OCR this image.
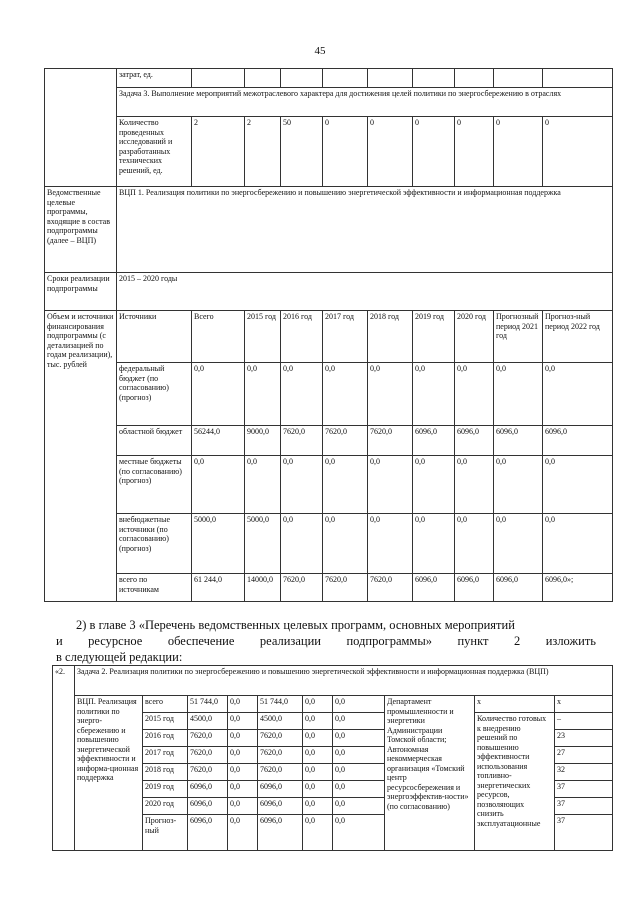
45
	затрат, ед.										
	Задача 3. Выполнение мероприятий межотраслевого характера для достижения целей политики по энергосбережению в отраслях										
	Количество проведенных исследований и разработанных технических решений, ед.	2	2	50	0	0	0	0	0	0	
Ведомственные целевые программы, входящие в состав подпрограммы (далее – ВЦП)	ВЦП 1. Реализация политики по энергосбережению и повышению энергетической эффективности и информационная поддержка										
Сроки реализации подпрограммы	2015 – 2020 годы										
Объем и источники финансирования подпрограммы (с детализацией по годам реализации), тыс. рублей	Источники	Всего	2015 год	2016 год	2017 год	2018 год	2019 год	2020 год	Прогнозный период 2021 год	Прогноз-ный период 2022 год	
	федеральный бюджет (по согласованию) (прогноз)	0,0	0,0	0,0	0,0	0,0	0,0	0,0	0,0	0,0	
	областной бюджет	56244,0	9000,0	7620,0	7620,0	7620,0	6096,0	6096,0	6096,0	6096,0	
	местные бюджеты (по согласованию) (прогноз)	0,0	0,0	0,0	0,0	0,0	0,0	0,0	0,0	0,0	
	внебюджетные источники (по согласованию) (прогноз)	5000,0	5000,0	0,0	0,0	0,0	0,0	0,0	0,0	0,0	
	всего по источникам	61 244,0	14000,0	7620,0	7620,0	7620,0	6096,0	6096,0	6096,0	6096,0»;	
2) в главе 3 «Перечень ведомственных целевых программ, основных мероприятий
и ресурсное обеспечение реализации подпрограммы» пункт 2 изложить
в следующей редакции:
«2.	Задача 2. Реализация политики по энергосбережению и повышению энергетической эффективности и информационная поддержка (ВЦП)									
	ВЦП. Реализация политики по энерго-сбережению и повышению энергетической эффективности и информа-ционная поддержка	всего	51 744,0	0,0	51 744,0	0,0	0,0	Департамент промышленности и энергетики Администрации Томской области; Автономная некоммерческая организация «Томский центр ресурсосбережения и энергоэффектив-ности» (по согласованию)	x	x
		2015 год	4500,0	0,0	4500,0	0,0	0,0		Количество готовых к внедрению решений по повышению эффективности использования топливно-энергетических ресурсов, позволяющих снизить эксплуатационные	–
		2016 год	7620,0	0,0	7620,0	0,0	0,0			23
		2017 год	7620,0	0,0	7620,0	0,0	0,0			27
		2018 год	7620,0	0,0	7620,0	0,0	0,0			32
		2019 год	6096,0	0,0	6096,0	0,0	0,0			37
		2020 год	6096,0	0,0	6096,0	0,0	0,0			37
		Прогноз-ный	6096,0	0,0	6096,0	0,0	0,0			37
